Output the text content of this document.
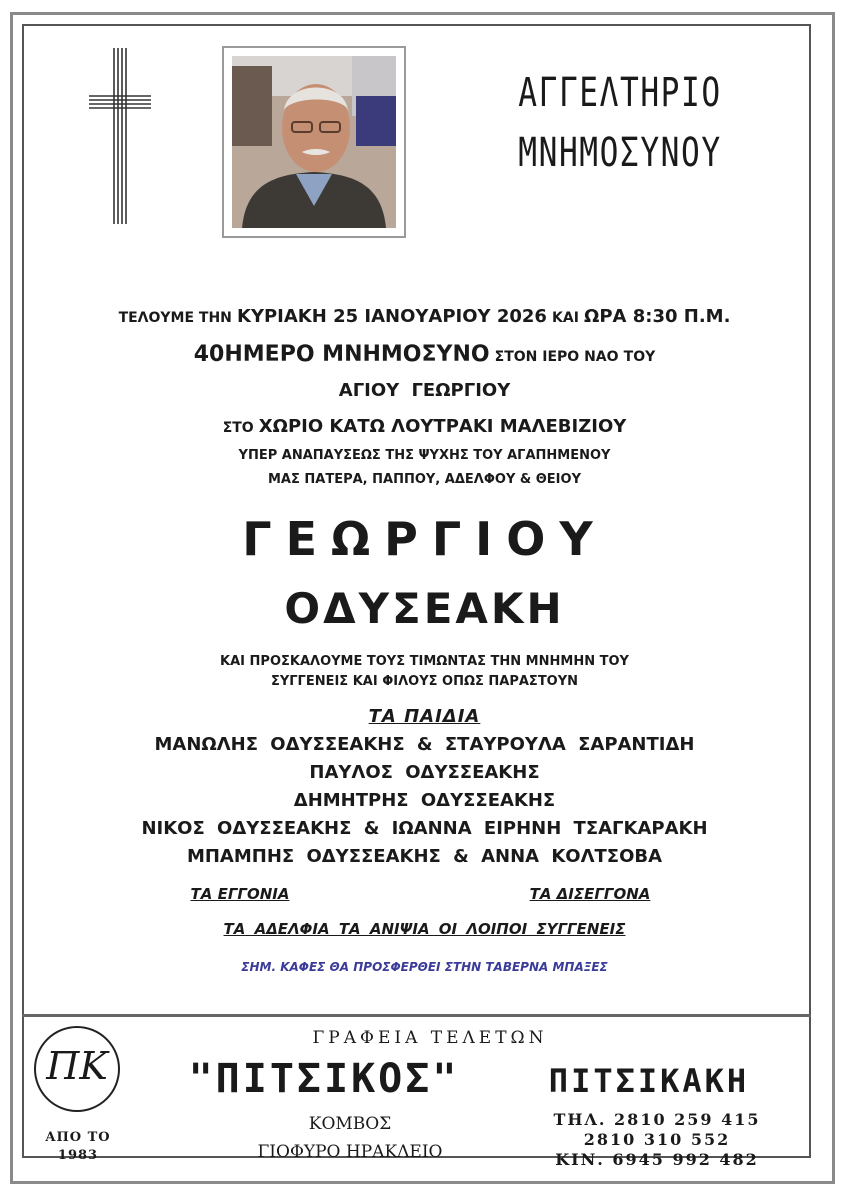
ΑΓΓΕΛΤΗΡΙΟ
ΜΝΗΜΟΣΥΝΟΥ
ΤΕΛΟΥΜΕ ΤΗΝ ΚΥΡΙΑΚΗ 25 ΙΑΝΟΥΑΡΙΟΥ 2026 ΚΑΙ ΩΡΑ 8:30 Π.Μ.
40ΗΜΕΡΟ ΜΝΗΜΟΣΥΝΟ ΣΤΟΝ ΙΕΡΟ ΝΑΟ ΤΟΥ
ΑΓΙΟΥ ΓΕΩΡΓΙΟΥ
ΣΤΟ ΧΩΡΙΟ ΚΑΤΩ ΛΟΥΤΡΑΚΙ ΜΑΛΕΒΙΖΙΟΥ
ΥΠΕΡ ΑΝΑΠΑΥΣΕΩΣ ΤΗΣ ΨΥΧΗΣ ΤΟΥ ΑΓΑΠΗΜΕΝΟΥ
ΜΑΣ ΠΑΤΕΡΑ, ΠΑΠΠΟΥ, ΑΔΕΛΦΟΥ & ΘΕΙΟΥ
ΓΕΩΡΓΙΟΥ
ΟΔΥΣΕΑΚΗ
ΚΑΙ ΠΡΟΣΚΑΛΟΥΜΕ ΤΟΥΣ ΤΙΜΩΝΤΑΣ ΤΗΝ ΜΝΗΜΗΝ ΤΟΥ
ΣΥΓΓΕΝΕΙΣ ΚΑΙ ΦΙΛΟΥΣ ΟΠΩΣ ΠΑΡΑΣΤΟΥΝ
ΤΑ ΠΑΙΔΙΑ
ΜΑΝΩΛΗΣ ΟΔΥΣΣΕΑΚΗΣ & ΣΤΑΥΡΟΥΛΑ ΣΑΡΑΝΤΙΔΗ
ΠΑΥΛΟΣ ΟΔΥΣΣΕΑΚΗΣ
ΔΗΜΗΤΡΗΣ ΟΔΥΣΣΕΑΚΗΣ
ΝΙΚΟΣ ΟΔΥΣΣΕΑΚΗΣ & ΙΩΑΝΝΑ ΕΙΡΗΝΗ ΤΣΑΓΚΑΡΑΚΗ
ΜΠΑΜΠΗΣ ΟΔΥΣΣΕΑΚΗΣ & ΑΝΝΑ ΚΟΛΤΣΟΒΑ
ΤΑ ΕΓΓΟΝΙΑ	ΤΑ ΔΙΣΕΓΓΟΝΑ
ΤΑ ΑΔΕΛΦΙΑ ΤΑ ΑΝΙΨΙΑ ΟΙ ΛΟΙΠΟΙ ΣΥΓΓΕΝΕΙΣ
ΣΗΜ. ΚΑΦΕΣ ΘΑ ΠΡΟΣΦΕΡΘΕΙ ΣΤΗΝ ΤΑΒΕΡΝΑ ΜΠΑΞΕΣ
ΠΚ
ΑΠΟ ΤΟ
1983
ΓΡΑΦΕΙΑ ΤΕΛΕΤΩΝ
"ΠΙΤΣΙΚΟΣ"	ΠΙΤΣΙΚΑΚΗ
ΚΟΜΒΟΣ
ΓΙΟΦΥΡΟ ΗΡΑΚΛΕΙΟ
ΤΗΛ. 2810 259 415
2810 310 552
ΚΙΝ. 6945 992 482
